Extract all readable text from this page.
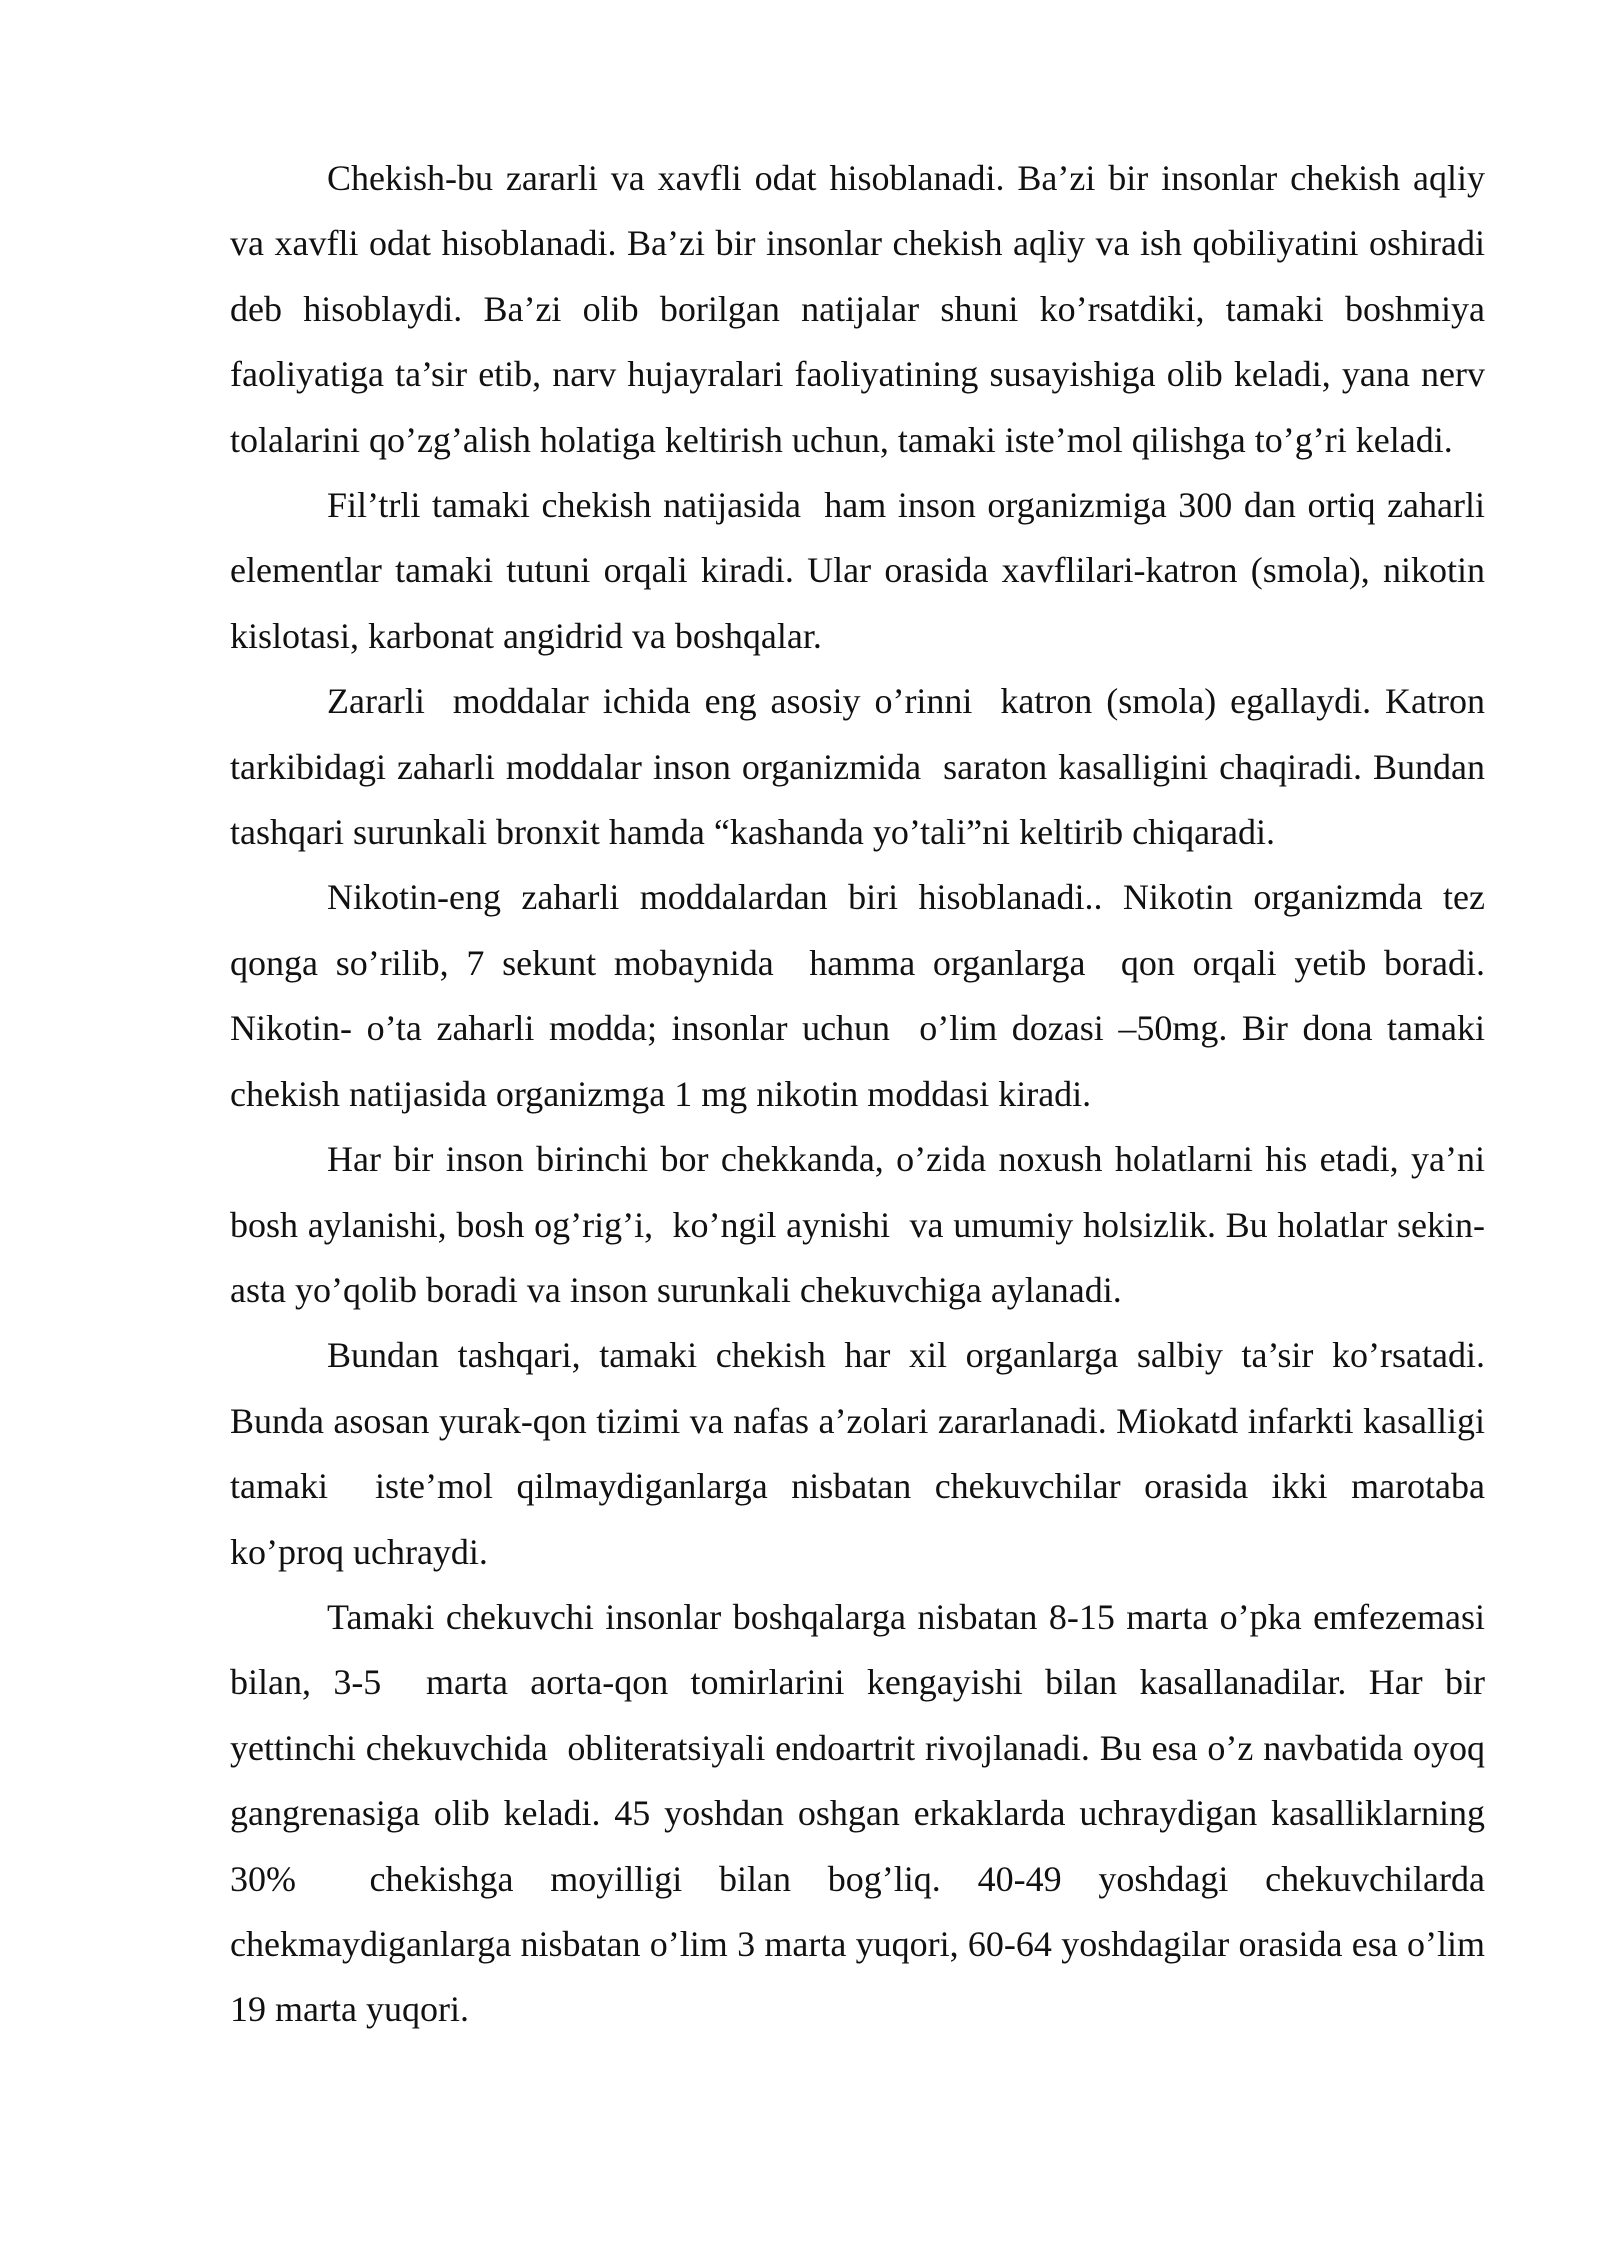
Chekish-bu zararli va xavfli odat hisoblanadi. Ba’zi bir insonlar chekish aqliy va xavfli odat hisoblanadi. Ba’zi bir insonlar chekish aqliy va ish qobiliyatini oshiradi deb hisoblaydi. Ba’zi olib borilgan natijalar shuni ko’rsatdiki, tamaki boshmiya faoliyatiga ta’sir etib, narv hujayralari faoliyatining susayishiga olib keladi, yana nerv tolalarini qo’zg’alish holatiga keltirish uchun, tamaki iste’mol qilishga to’g’ri keladi.

Fil’trli tamaki chekish natijasida  ham inson organizmiga 300 dan ortiq zaharli elementlar tamaki tutuni orqali kiradi. Ular orasida xavflilari-katron (smola), nikotin kislotasi, karbonat angidrid va boshqalar.

Zararli  moddalar ichida eng asosiy o’rinni  katron (smola) egallaydi. Katron tarkibidagi zaharli moddalar inson organizmida  saraton kasalligini chaqiradi. Bundan tashqari surunkali bronxit hamda “kashanda yo’tali”ni keltirib chiqaradi.

Nikotin-eng zaharli moddalardan biri hisoblanadi.. Nikotin organizmda tez qonga so’rilib, 7 sekunt mobaynida  hamma organlarga  qon orqali yetib boradi. Nikotin- o’ta zaharli modda; insonlar uchun  o’lim dozasi –50mg. Bir dona tamaki chekish natijasida organizmga 1 mg nikotin moddasi kiradi.

Har bir inson birinchi bor chekkanda, o’zida noxush holatlarni his etadi, ya’ni bosh aylanishi, bosh og’rig’i,  ko’ngil aynishi  va umumiy holsizlik. Bu holatlar sekin-asta yo’qolib boradi va inson surunkali chekuvchiga aylanadi.

Bundan tashqari, tamaki chekish har xil organlarga salbiy ta’sir ko’rsatadi. Bunda asosan yurak-qon tizimi va nafas a’zolari zararlanadi. Miokatd infarkti kasalligi tamaki  iste’mol qilmaydiganlarga nisbatan chekuvchilar orasida ikki marotaba ko’proq uchraydi.

Tamaki chekuvchi insonlar boshqalarga nisbatan 8-15 marta o’pka emfezemasi bilan, 3-5  marta aorta-qon tomirlarini kengayishi bilan kasallanadilar. Har bir yettinchi chekuvchida  obliteratsiyali endoartrit rivojlanadi. Bu esa o’z navbatida oyoq gangrenasiga olib keladi. 45 yoshdan oshgan erkaklarda uchraydigan kasalliklarning  30%  chekishga moyilligi bilan bog’liq. 40-49 yoshdagi chekuvchilarda chekmaydiganlarga nisbatan o’lim 3 marta yuqori, 60-64 yoshdagilar orasida esa o’lim  19 marta yuqori.
